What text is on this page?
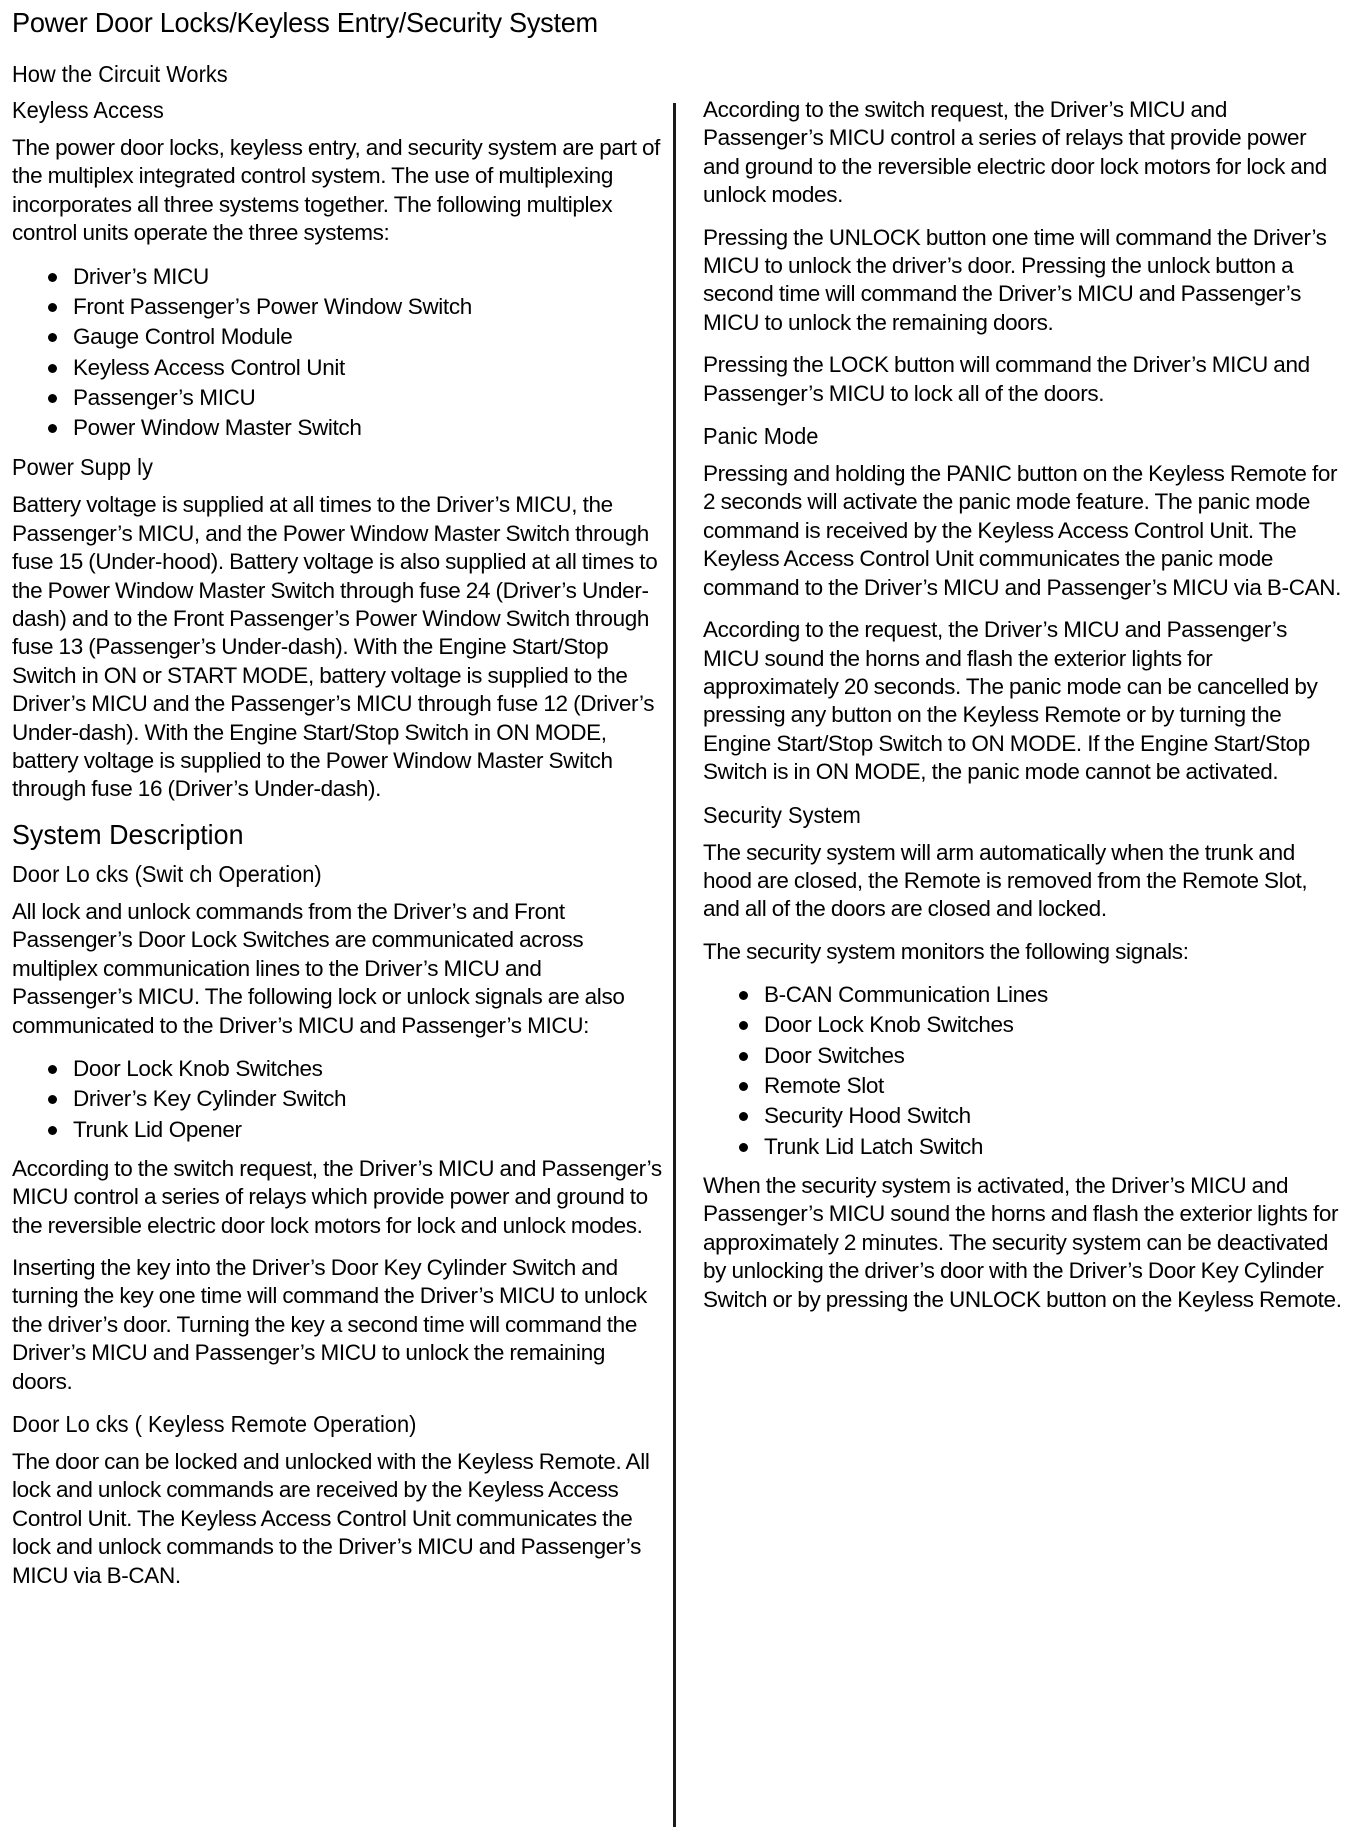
Power Door Locks/Keyless Entry/Security System
How the Circuit Works
Keyless Access

The power door locks, keyless entry, and security system are part of the multiplex integrated control system. The use of multiplexing incorporates all three systems together. The following multiplex control units operate the three systems:

Driver’s MICU
Front Passenger’s Power Window Switch
Gauge Control Module
Keyless Access Control Unit
Passenger’s MICU
Power Window Master Switch
Power Supp ly

Battery voltage is supplied at all times to the Driver’s MICU, the Passenger’s MICU, and the Power Window Master Switch through fuse 15 (Under-hood). Battery voltage is also supplied at all times to the Power Window Master Switch through fuse 24 (Driver’s Under-dash) and to the Front Passenger’s Power Window Switch through fuse 13 (Passenger’s Under-dash). With the Engine Start/Stop Switch in ON or START MODE, battery voltage is supplied to the Driver’s MICU and the Passenger’s MICU through fuse 12 (Driver’s Under-dash). With the Engine Start/Stop Switch in ON MODE, battery voltage is supplied to the Power Window Master Switch through fuse 16 (Driver’s Under-dash).

System Description
Door Lo cks (Swit ch Operation)

All lock and unlock commands from the Driver’s and Front Passenger’s Door Lock Switches are communicated across multiplex communication lines to the Driver’s MICU and Passenger’s MICU. The following lock or unlock signals are also communicated to the Driver’s MICU and Passenger’s MICU:

Door Lock Knob Switches
Driver’s Key Cylinder Switch
Trunk Lid Opener

According to the switch request, the Driver’s MICU and Passenger’s MICU control a series of relays which provide power and ground to the reversible electric door lock motors for lock and unlock modes.

Inserting the key into the Driver’s Door Key Cylinder Switch and turning the key one time will command the Driver’s MICU to unlock the driver’s door. Turning the key a second time will command the Driver’s MICU and Passenger’s MICU to unlock the remaining doors.

Door Lo cks ( Keyless Remote Operation)

The door can be locked and unlocked with the Keyless Remote. All lock and unlock commands are received by the Keyless Access Control Unit. The Keyless Access Control Unit communicates the lock and unlock commands to the Driver’s MICU and Passenger’s MICU via B-CAN.

According to the switch request, the Driver’s MICU and Passenger’s MICU control a series of relays that provide power and ground to the reversible electric door lock motors for lock and unlock modes.

Pressing the UNLOCK button one time will command the Driver’s MICU to unlock the driver’s door. Pressing the unlock button a second time will command the Driver’s MICU and Passenger’s MICU to unlock the remaining doors.

Pressing the LOCK button will command the Driver’s MICU and Passenger’s MICU to lock all of the doors.

Panic Mode

Pressing and holding the PANIC button on the Keyless Remote for 2 seconds will activate the panic mode feature. The panic mode command is received by the Keyless Access Control Unit. The Keyless Access Control Unit communicates the panic mode command to the Driver’s MICU and Passenger’s MICU via B-CAN.

According to the request, the Driver’s MICU and Passenger’s MICU sound the horns and flash the exterior lights for approximately 20 seconds. The panic mode can be cancelled by pressing any button on the Keyless Remote or by turning the Engine Start/Stop Switch to ON MODE. If the Engine Start/Stop Switch is in ON MODE, the panic mode cannot be activated.

Security System

The security system will arm automatically when the trunk and hood are closed, the Remote is removed from the Remote Slot, and all of the doors are closed and locked.

The security system monitors the following signals:

B-CAN Communication Lines
Door Lock Knob Switches
Door Switches
Remote Slot
Security Hood Switch
Trunk Lid Latch Switch

When the security system is activated, the Driver’s MICU and Passenger’s MICU sound the horns and flash the exterior lights for approximately 2 minutes. The security system can be deactivated by unlocking the driver’s door with the Driver’s Door Key Cylinder Switch or by pressing the UNLOCK button on the Keyless Remote.
